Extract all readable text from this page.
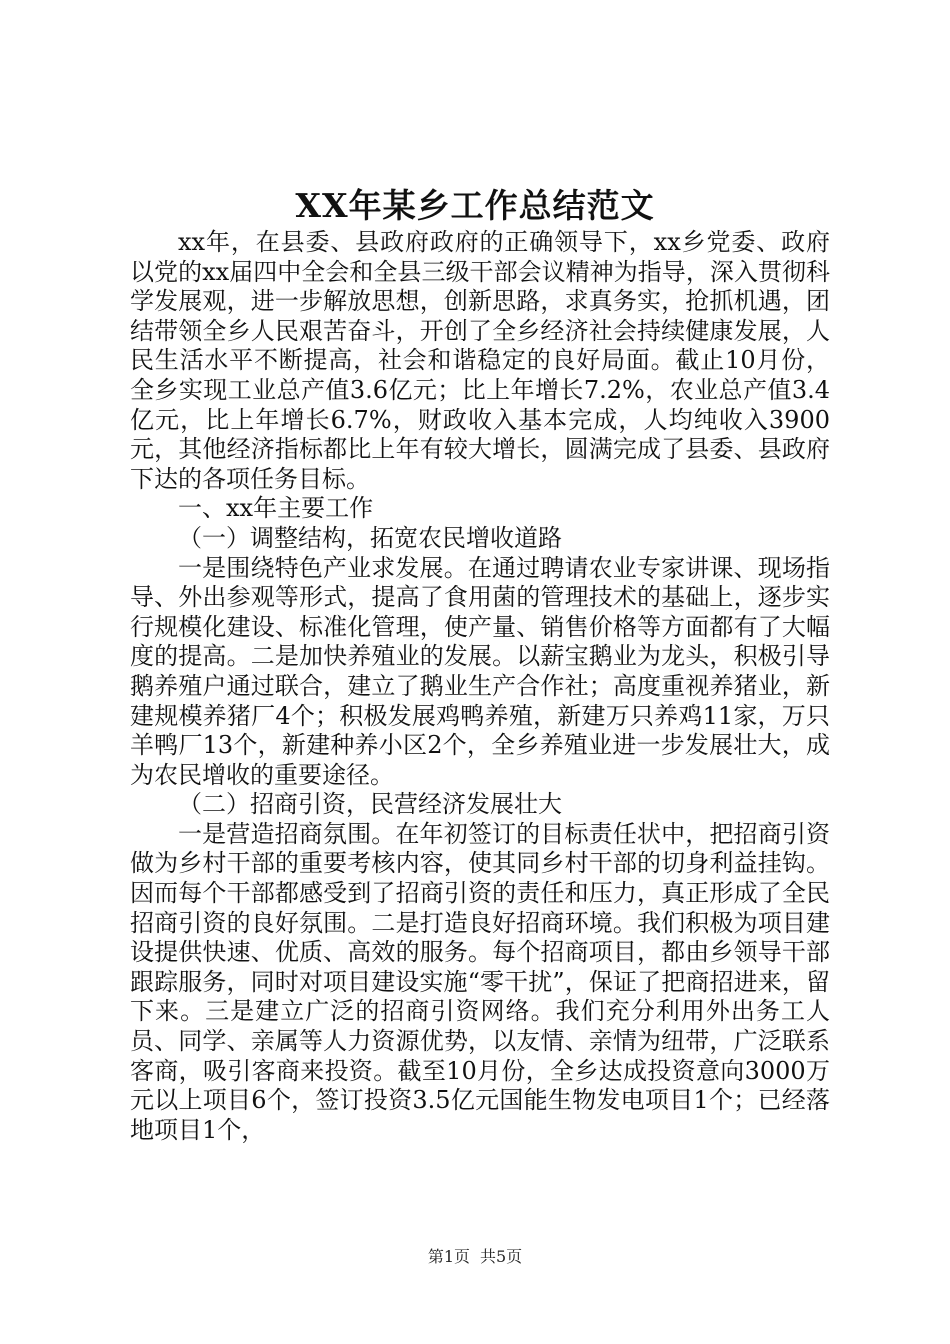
XX年某乡工作总结范文

xx年，在县委、县政府政府的正确领导下，xx乡党委、政府以党的xx届四中全会和全县三级干部会议精神为指导，深入贯彻科学发展观，进一步解放思想，创新思路，求真务实，抢抓机遇，团结带领全乡人民艰苦奋斗，开创了全乡经济社会持续健康发展，人民生活水平不断提高，社会和谐稳定的良好局面。截止10月份，全乡实现工业总产值3.6亿元；比上年增长7.2%，农业总产值3.4亿元，比上年增长6.7%，财政收入基本完成，人均纯收入3900元，其他经济指标都比上年有较大增长，圆满完成了县委、县政府下达的各项任务目标。

一、xx年主要工作

（一）调整结构，拓宽农民增收道路

一是围绕特色产业求发展。在通过聘请农业专家讲课、现场指导、外出参观等形式，提高了食用菌的管理技术的基础上，逐步实行规模化建设、标准化管理，使产量、销售价格等方面都有了大幅度的提高。二是加快养殖业的发展。以薪宝鹅业为龙头，积极引导鹅养殖户通过联合，建立了鹅业生产合作社；高度重视养猪业，新建规模养猪厂4个；积极发展鸡鸭养殖，新建万只养鸡11家，万只羊鸭厂13个，新建种养小区2个，全乡养殖业进一步发展壮大，成为农民增收的重要途径。

（二）招商引资，民营经济发展壮大

一是营造招商氛围。在年初签订的目标责任状中，把招商引资做为乡村干部的重要考核内容，使其同乡村干部的切身利益挂钩。因而每个干部都感受到了招商引资的责任和压力，真正形成了全民招商引资的良好氛围。二是打造良好招商环境。我们积极为项目建设提供快速、优质、高效的服务。每个招商项目，都由乡领导干部跟踪服务，同时对项目建设实施“零干扰”，保证了把商招进来，留下来。三是建立广泛的招商引资网络。我们充分利用外出务工人员、同学、亲属等人力资源优势，以友情、亲情为纽带，广泛联系客商，吸引客商来投资。截至10月份，全乡达成投资意向3000万元以上项目6个，签订投资3.5亿元国能生物发电项目1个；已经落地项目1个，

第1页 共5页
